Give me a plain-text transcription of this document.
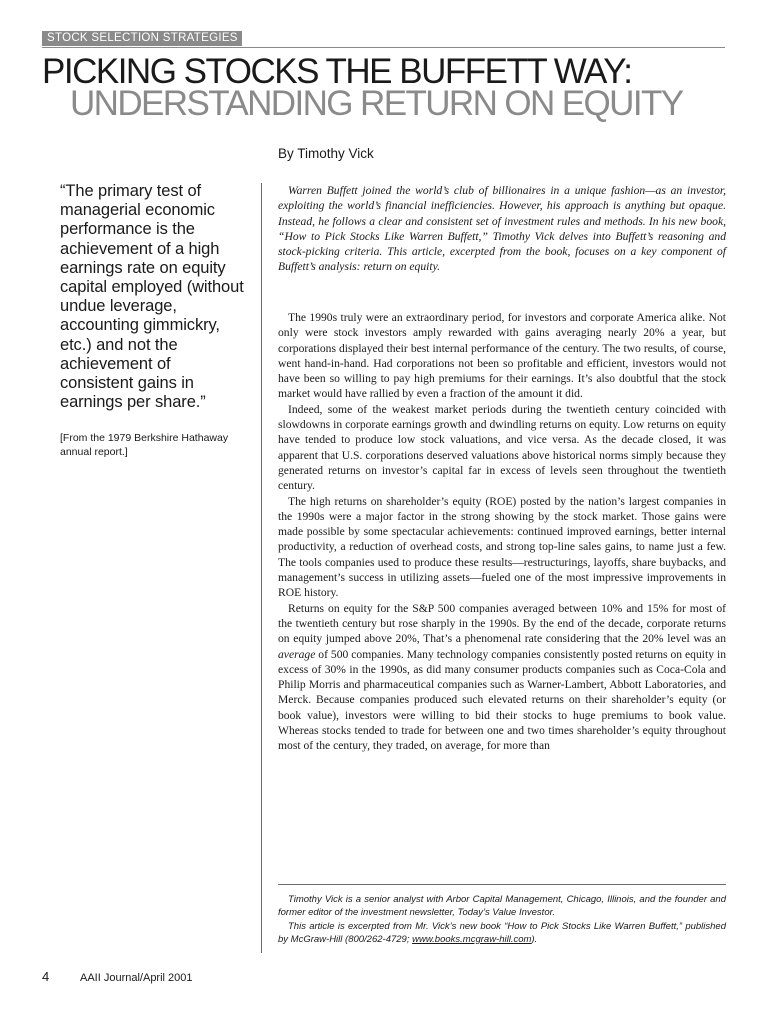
STOCK SELECTION STRATEGIES
PICKING STOCKS THE BUFFETT WAY:
UNDERSTANDING RETURN ON EQUITY

By Timothy Vick

“The primary test of managerial economic performance is the achievement of a high earnings rate on equity capital employed (without undue leverage, accounting gimmickry, etc.) and not the achievement of consistent gains in earnings per share.”

[From the 1979 Berkshire Hathaway annual report.]

Warren Buffett joined the world’s club of billionaires in a unique fashion—as an investor, exploiting the world’s financial inefficiencies. However, his approach is anything but opaque. Instead, he follows a clear and consistent set of investment rules and methods. In his new book, “How to Pick Stocks Like Warren Buffett,” Timothy Vick delves into Buffett’s reasoning and stock-picking criteria. This article, excerpted from the book, focuses on a key component of Buffett’s analysis: return on equity.

The 1990s truly were an extraordinary period, for investors and corporate America alike. Not only were stock investors amply rewarded with gains averaging nearly 20% a year, but corporations displayed their best internal performance of the century. The two results, of course, went hand-in-hand. Had corporations not been so profitable and efficient, investors would not have been so willing to pay high premiums for their earnings. It’s also doubtful that the stock market would have rallied by even a fraction of the amount it did.

Indeed, some of the weakest market periods during the twentieth century coincided with slowdowns in corporate earnings growth and dwindling returns on equity. Low returns on equity have tended to produce low stock valuations, and vice versa. As the decade closed, it was apparent that U.S. corporations deserved valuations above historical norms simply because they generated returns on investor’s capital far in excess of levels seen throughout the twentieth century.

The high returns on shareholder’s equity (ROE) posted by the nation’s largest companies in the 1990s were a major factor in the strong showing by the stock market. Those gains were made possible by some spectacular achievements: continued improved earnings, better internal productivity, a reduction of overhead costs, and strong top-line sales gains, to name just a few. The tools companies used to produce these results—restructurings, layoffs, share buybacks, and management’s success in utilizing assets—fueled one of the most impressive improvements in ROE history.

Returns on equity for the S&P 500 companies averaged between 10% and 15% for most of the twentieth century but rose sharply in the 1990s. By the end of the decade, corporate returns on equity jumped above 20%, That’s a phenomenal rate considering that the 20% level was an average of 500 companies. Many technology companies consistently posted returns on equity in excess of 30% in the 1990s, as did many consumer products companies such as Coca-Cola and Philip Morris and pharmaceutical companies such as Warner-Lambert, Abbott Laboratories, and Merck. Because companies produced such elevated returns on their shareholder’s equity (or book value), investors were willing to bid their stocks to huge premiums to book value. Whereas stocks tended to trade for between one and two times shareholder’s equity throughout most of the century, they traded, on average, for more than

Timothy Vick is a senior analyst with Arbor Capital Management, Chicago, Illinois, and the founder and former editor of the investment newsletter, Today’s Value Investor.

This article is excerpted from Mr. Vick’s new book “How to Pick Stocks Like Warren Buffett,” published by McGraw-Hill (800/262-4729; www.books.mcgraw-hill.com).

4	AAII Journal/April 2001
